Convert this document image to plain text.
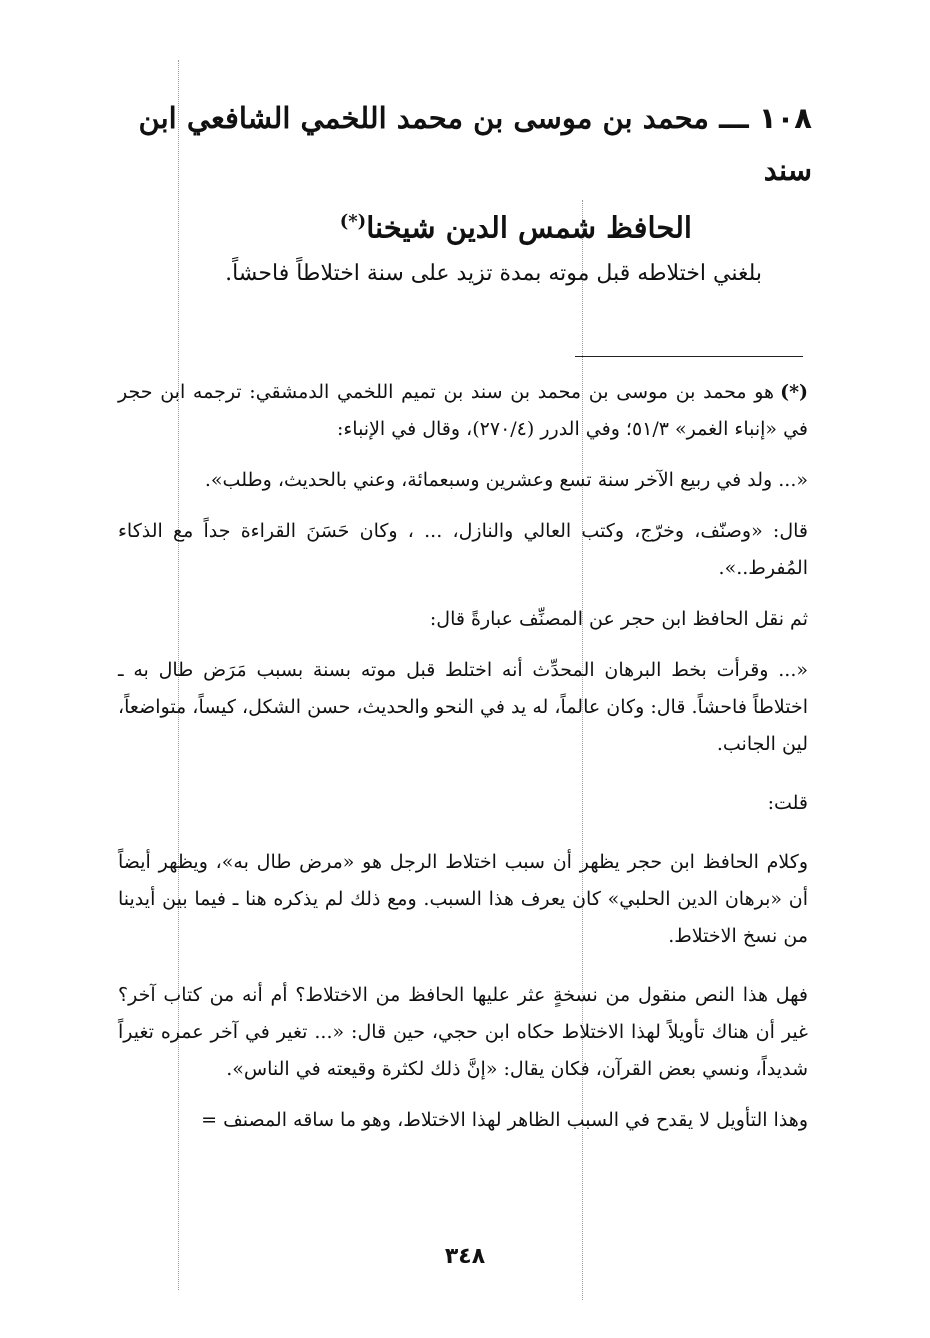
١٠٨ ـــ محمد بن موسى بن محمد اللخمي الشافعي ابن سند
الحافظ شمس الدين شيخنا(*)
بلغني اختلاطه قبل موته بمدة تزيد على سنة اختلاطاً فاحشاً.

(*)هو محمد بن موسى بن محمد بن سند بن تميم اللخمي الدمشقي: ترجمه ابن حجر في «إنباء الغمر» ٥١/٣؛ وفي الدرر (٢٧٠/٤)، وقال في الإنباء:

«... ولد في ربيع الآخر سنة تسع وعشرين وسبعمائة، وعني بالحديث، وطلب».

قال: «وصنّف، وخرّج، وكتب العالي والنازل، ... ، وكان حَسَنَ القراءة جداً مع الذكاء المُفرط..».

ثم نقل الحافظ ابن حجر عن المصنِّف عبارةً قال:

«... وقرأت بخط البرهان المحدِّث أنه اختلط قبل موته بسنة بسبب مَرَض طال به ـ اختلاطاً فاحشاً. قال: وكان عالماً، له يد في النحو والحديث، حسن الشكل، كيساً، متواضعاً، لين الجانب.

قلت:

وكلام الحافظ ابن حجر يظهر أن سبب اختلاط الرجل هو «مرض طال به»، ويظهر أيضاً أن «برهان الدين الحلبي» كان يعرف هذا السبب. ومع ذلك لم يذكره هنا ـ فيما بين أيدينا من نسخ الاختلاط.

فهل هذا النص منقول من نسخةٍ عثر عليها الحافظ من الاختلاط؟ أم أنه من كتاب آخر؟ غير أن هناك تأويلاً لهذا الاختلاط حكاه ابن حجي، حين قال: «... تغير في آخر عمره تغيراً شديداً، ونسي بعض القرآن، فكان يقال: «إنَّ ذلك لكثرة وقيعته في الناس».

وهذا التأويل لا يقدح في السبب الظاهر لهذا الاختلاط، وهو ما ساقه المصنف =

٣٤٨
